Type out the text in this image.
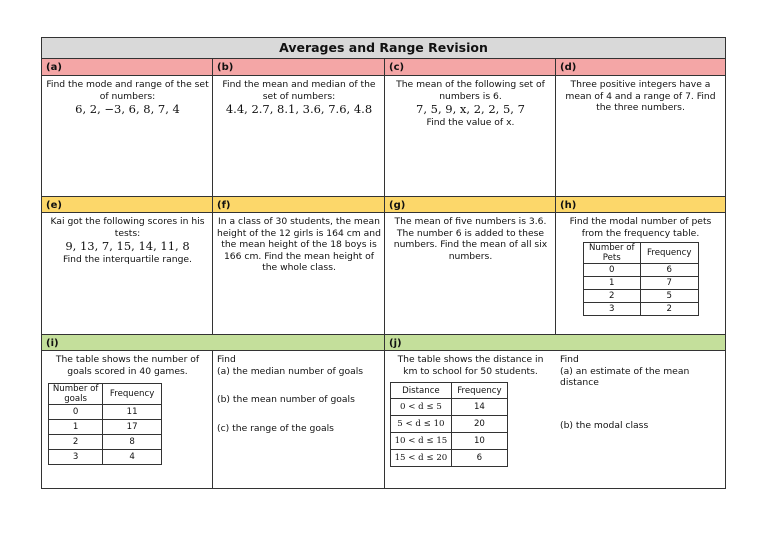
Averages and Range Revision
(a)	(b)	(c)	(d)
Find the mode and range of the set of numbers:
6, 2, −3, 6, 8, 7, 4
Find the mean and median of the set of numbers:
4.4, 2.7, 8.1, 3.6, 7.6, 4.8
The mean of the following set of numbers is 6.
7, 5, 9, x, 2, 2, 5, 7
Find the value of x.
Three positive integers have a mean of 4 and a range of 7. Find the three numbers.
(e)	(f)	(g)	(h)
Kai got the following scores in his tests:
9, 13, 7, 15, 14, 11, 8
Find the interquartile range.
In a class of 30 students, the mean height of the 12 girls is 164 cm and the mean height of the 18 boys is 166 cm. Find the mean height of the whole class.
The mean of five numbers is 3.6. The number 6 is added to these numbers. Find the mean of all six numbers.
Find the modal number of pets from the frequency table.
Number of Pets	Frequency
0	6
1	7
2	5
3	2
(i)	(j)
The table shows the number of goals scored in 40 games.
Number of goals	Frequency
0	11
1	17
2	8
3	4
Find
(a) the median number of goals
(b) the mean number of goals
(c) the range of the goals
The table shows the distance in km to school for 50 students.
Distance	Frequency
0 < d ≤ 5	14
5 < d ≤ 10	20
10 < d ≤ 15	10
15 < d ≤ 20	6
Find
(a) an estimate of the mean distance
(b) the modal class
